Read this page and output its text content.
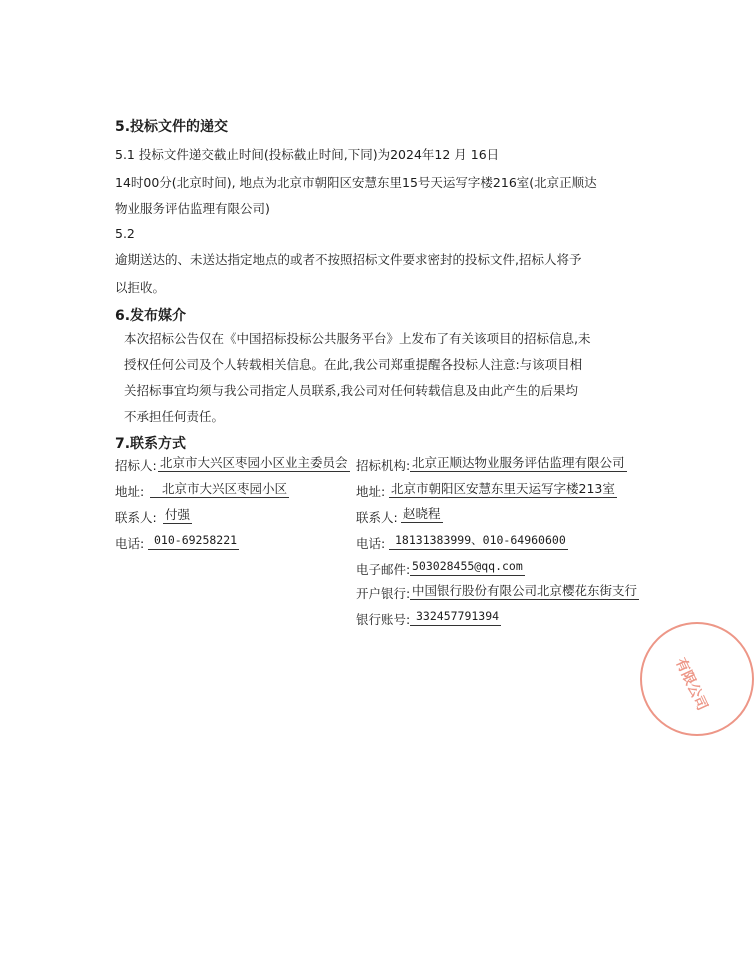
5.投标文件的递交
5.1 投标文件递交截止时间(投标截止时间,下同)为2024年12 月 16日
14时00分(北京时间), 地点为北京市朝阳区安慧东里15号天运写字楼216室(北京正顺达
物业服务评估监理有限公司)
5.2
逾期送达的、未送达指定地点的或者不按照招标文件要求密封的投标文件,招标人将予
以拒收。
6.发布媒介
本次招标公告仅在《中国招标投标公共服务平台》上发布了有关该项目的招标信息,未
授权任何公司及个人转载相关信息。在此,我公司郑重提醒各投标人注意:与该项目相
关招标事宜均须与我公司指定人员联系,我公司对任何转载信息及由此产生的后果均
不承担任何责任。
7.联系方式
招标人: 北京市大兴区枣园小区业主委员会
地址:	北京市大兴区枣园小区
联系人: 付强
电话: 010-69258221
招标机构: 北京正顺达物业服务评估监理有限公司
地址: 北京市朝阳区安慧东里天运写字楼213室
联系人: 赵晓程
电话: 18131383999、010-64960600
电子邮件: 503028455@qq.com
开户银行: 中国银行股份有限公司北京樱花东街支行
银行账号: 332457791394
有限公司
